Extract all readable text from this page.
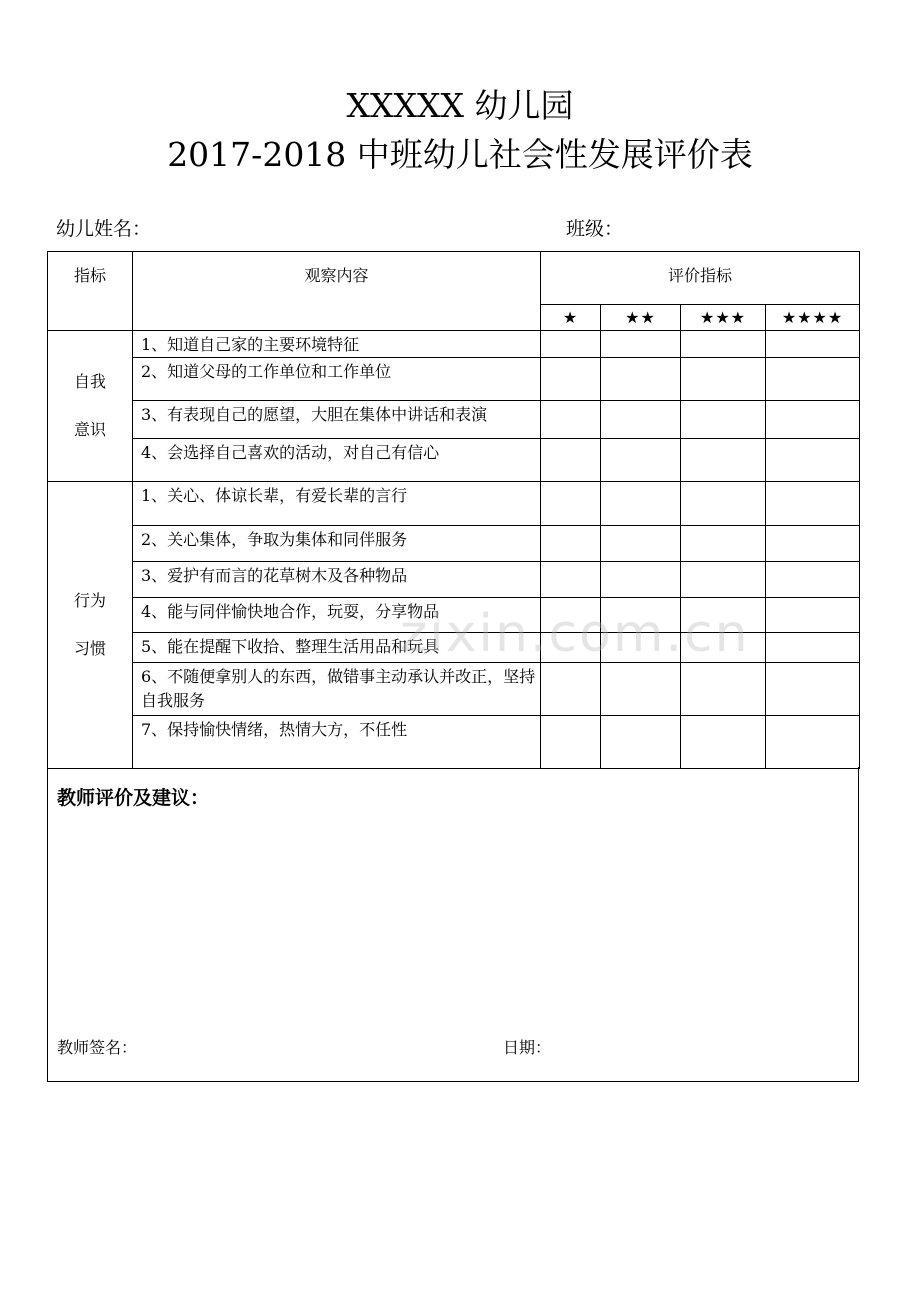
XXXXX 幼儿园
2017-2018 中班幼儿社会性发展评价表
幼儿姓名：	班级：
指标	观察内容	评价指标			
		★	★★	★★★	★★★★

自我
意识	1、知道自己家的主要环境特征				
	2、知道父母的工作单位和工作单位				
	3、有表现自己的愿望，大胆在集体中讲话和表演				
	4、会选择自己喜欢的活动，对自己有信心				

行为
习惯	1、关心、体谅长辈，有爱长辈的言行				
	2、关心集体，争取为集体和同伴服务				
	3、爱护有而言的花草树木及各种物品				
	4、能与同伴愉快地合作，玩耍，分享物品				
	5、能在提醒下收拾、整理生活用品和玩具				
	6、不随便拿别人的东西，做错事主动承认并改正，坚持自我服务				
	7、保持愉快情绪，热情大方，不任性				
教师评价及建议：
教师签名：	日期：
zixin.com.cn
